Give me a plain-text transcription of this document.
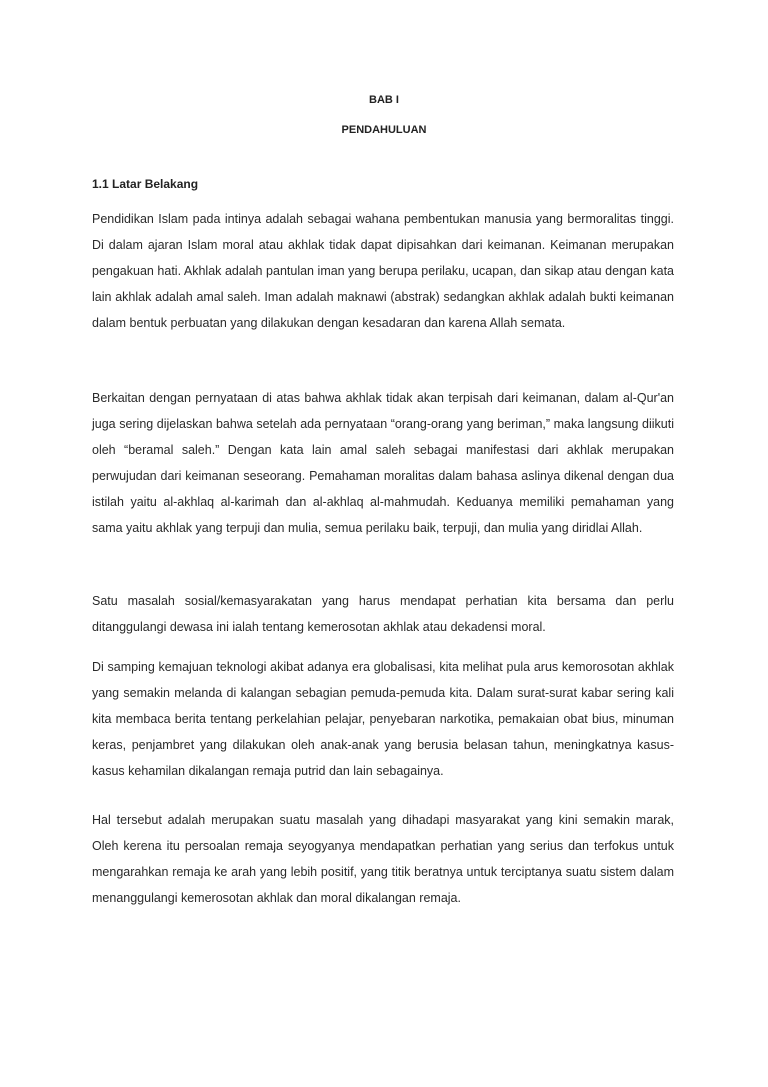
BAB I
PENDAHULUAN
1.1 Latar Belakang

Pendidikan Islam pada intinya adalah sebagai wahana pembentukan manusia yang bermoralitas tinggi. Di dalam ajaran Islam moral atau akhlak tidak dapat dipisahkan dari keimanan. Keimanan merupakan pengakuan hati. Akhlak adalah pantulan iman yang berupa perilaku, ucapan, dan sikap atau dengan kata lain akhlak adalah amal saleh. Iman adalah maknawi (abstrak) sedangkan akhlak adalah bukti keimanan dalam bentuk perbuatan yang dilakukan dengan kesadaran dan karena Allah semata.

Berkaitan dengan pernyataan di atas bahwa akhlak tidak akan terpisah dari keimanan, dalam al-Qur'an juga sering dijelaskan bahwa setelah ada pernyataan “orang-orang yang beriman,” maka langsung diikuti oleh “beramal saleh.” Dengan kata lain amal saleh sebagai manifestasi dari akhlak merupakan perwujudan dari keimanan seseorang. Pemahaman moralitas dalam bahasa aslinya dikenal dengan dua istilah yaitu al-akhlaq al-karimah dan al-akhlaq al-mahmudah. Keduanya memiliki pemahaman yang sama yaitu akhlak yang terpuji dan mulia, semua perilaku baik, terpuji, dan mulia yang diridlai Allah.

Satu masalah sosial/kemasyarakatan yang harus mendapat perhatian kita bersama dan perlu ditanggulangi dewasa ini ialah tentang kemerosotan akhlak atau dekadensi moral.

Di samping kemajuan teknologi akibat adanya era globalisasi, kita melihat pula arus kemorosotan akhlak yang semakin melanda di kalangan sebagian pemuda-pemuda kita. Dalam surat-surat kabar sering kali kita membaca berita tentang perkelahian pelajar, penyebaran narkotika, pemakaian obat bius, minuman keras, penjambret yang dilakukan oleh anak-anak yang berusia belasan tahun, meningkatnya kasus-kasus kehamilan dikalangan remaja putrid dan lain sebagainya.

Hal tersebut adalah merupakan suatu masalah yang dihadapi masyarakat yang kini semakin marak, Oleh kerena itu persoalan remaja seyogyanya mendapatkan perhatian yang serius dan terfokus untuk mengarahkan remaja ke arah yang lebih positif, yang titik beratnya untuk terciptanya suatu sistem dalam menanggulangi kemerosotan akhlak dan moral dikalangan remaja.
